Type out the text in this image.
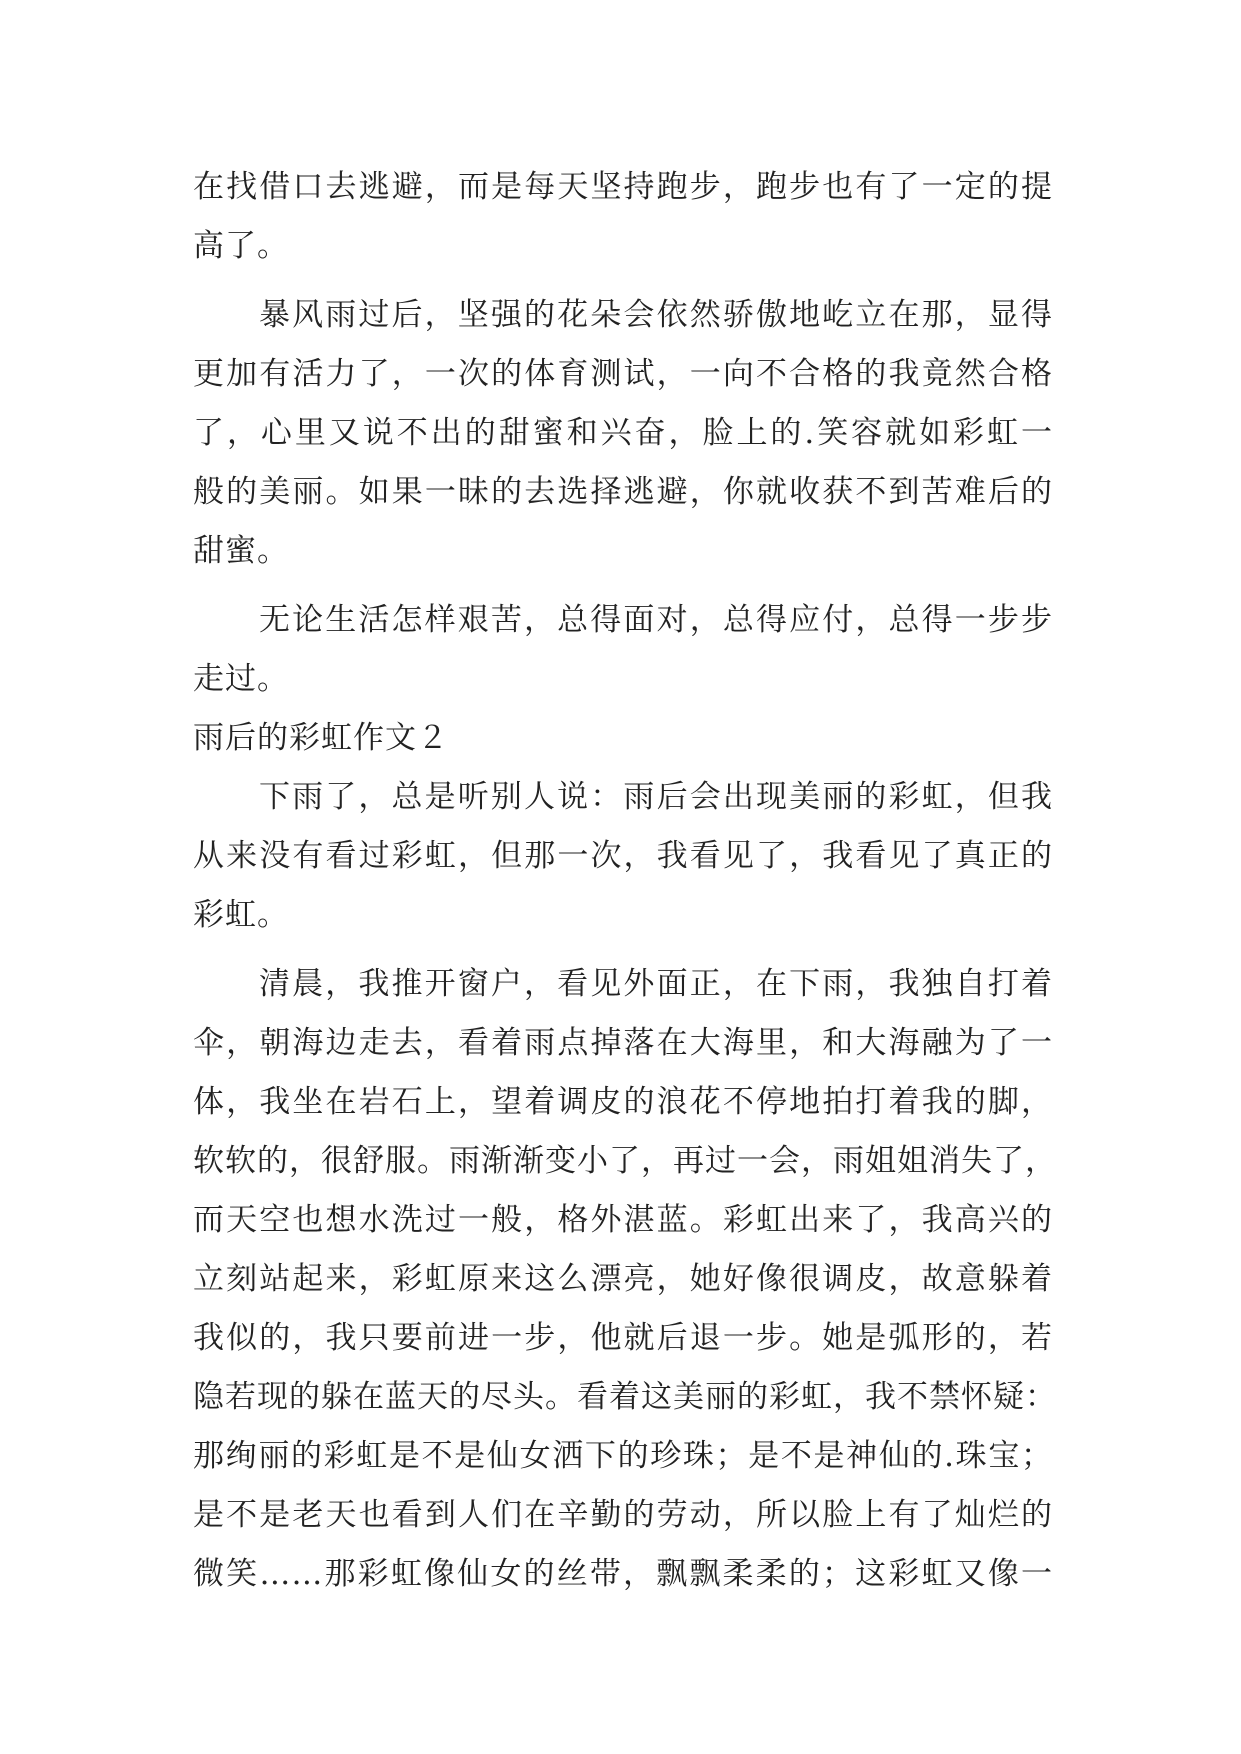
在找借口去逃避，而是每天坚持跑步，跑步也有了一定的提
高了。
暴风雨过后，坚强的花朵会依然骄傲地屹立在那，显得
更加有活力了，一次的体育测试，一向不合格的我竟然合格
了，心里又说不出的甜蜜和兴奋，脸上的.笑容就如彩虹一
般的美丽。如果一昧的去选择逃避，你就收获不到苦难后的
甜蜜。
无论生活怎样艰苦，总得面对，总得应付，总得一步步
走过。
雨后的彩虹作文２
下雨了，总是听别人说：雨后会出现美丽的彩虹，但我
从来没有看过彩虹，但那一次，我看见了，我看见了真正的
彩虹。
清晨，我推开窗户，看见外面正，在下雨，我独自打着
伞，朝海边走去，看着雨点掉落在大海里，和大海融为了一
体，我坐在岩石上，望着调皮的浪花不停地拍打着我的脚，
软软的，很舒服。雨渐渐变小了，再过一会，雨姐姐消失了，
而天空也想水洗过一般，格外湛蓝。彩虹出来了，我高兴的
立刻站起来，彩虹原来这么漂亮，她好像很调皮，故意躲着
我似的，我只要前进一步，他就后退一步。她是弧形的，若
隐若现的躲在蓝天的尽头。看着这美丽的彩虹，我不禁怀疑：
那绚丽的彩虹是不是仙女洒下的珍珠；是不是神仙的.珠宝；
是不是老天也看到人们在辛勤的劳动，所以脸上有了灿烂的
微笑……那彩虹像仙女的丝带，飘飘柔柔的；这彩虹又像一
